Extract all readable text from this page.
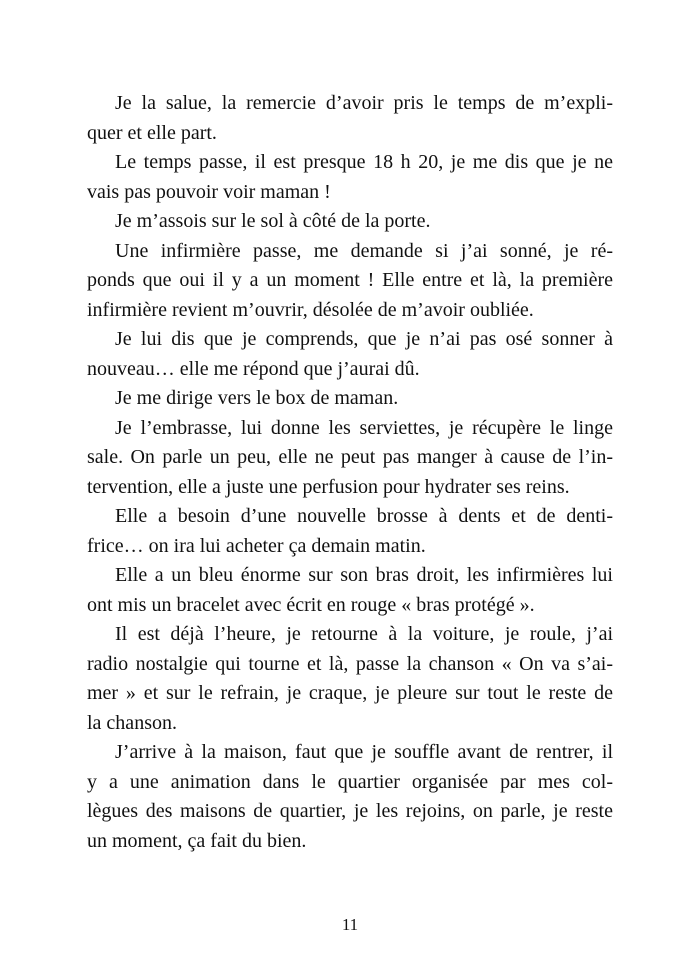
Je la salue, la remercie d’avoir pris le temps de m’expli-
quer et elle part.
Le temps passe, il est presque 18 h 20, je me dis que je ne
vais pas pouvoir voir maman !
Je m’assois sur le sol à côté de la porte.
Une infirmière passe, me demande si j’ai sonné, je ré-
ponds que oui il y a un moment ! Elle entre et là, la première
infirmière revient m’ouvrir, désolée de m’avoir oubliée.
Je lui dis que je comprends, que je n’ai pas osé sonner à
nouveau… elle me répond que j’aurai dû.
Je me dirige vers le box de maman.
Je l’embrasse, lui donne les serviettes, je récupère le linge
sale. On parle un peu, elle ne peut pas manger à cause de l’in-
tervention, elle a juste une perfusion pour hydrater ses reins.
Elle a besoin d’une nouvelle brosse à dents et de denti-
frice… on ira lui acheter ça demain matin.
Elle a un bleu énorme sur son bras droit, les infirmières lui
ont mis un bracelet avec écrit en rouge « bras protégé ».
Il est déjà l’heure, je retourne à la voiture, je roule, j’ai
radio nostalgie qui tourne et là, passe la chanson « On va s’ai-
mer » et sur le refrain, je craque, je pleure sur tout le reste de
la chanson.
J’arrive à la maison, faut que je souffle avant de rentrer, il
y a une animation dans le quartier organisée par mes col-
lègues des maisons de quartier, je les rejoins, on parle, je reste
un moment, ça fait du bien.
11
